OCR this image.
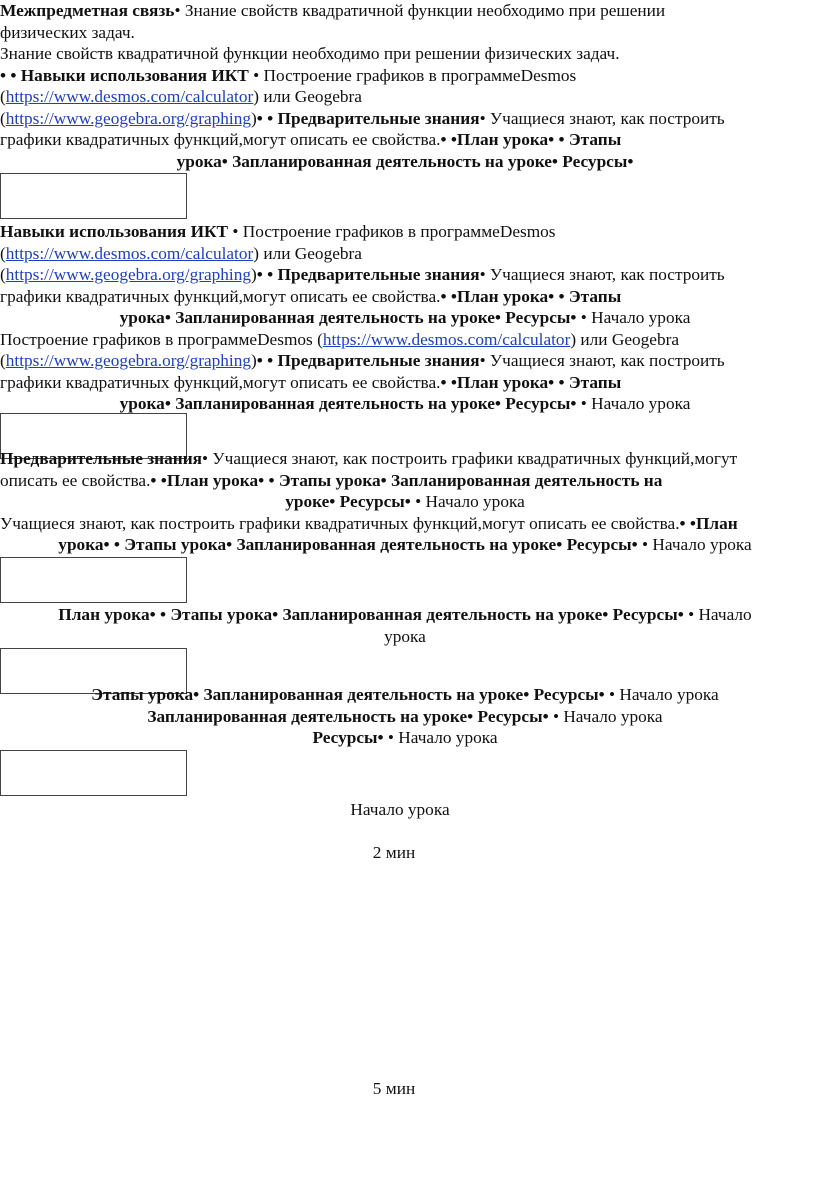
Межпредметная связь• Знание свойств квадратичной функции необходимо при решении
физических задач.
Знание свойств квадратичной функции необходимо при решении физических задач.
• • Навыки использования ИКТ • Построение графиков в программеDesmos
(https://www.desmos.com/calculator) или Geogebra
(https://www.geogebra.org/graphing)• • Предварительные знания• Учащиеся знают, как построить
графики квадратичных функций,могут описать ее свойства.• •План урока• • Этапы
урока• Запланированная деятельность на уроке• Ресурсы•
Навыки использования ИКТ • Построение графиков в программеDesmos
(https://www.desmos.com/calculator) или Geogebra
(https://www.geogebra.org/graphing)• • Предварительные знания• Учащиеся знают, как построить
графики квадратичных функций,могут описать ее свойства.• •План урока• • Этапы
урока• Запланированная деятельность на уроке• Ресурсы• • Начало урока
Построение графиков в программеDesmos (https://www.desmos.com/calculator) или Geogebra
(https://www.geogebra.org/graphing)• • Предварительные знания• Учащиеся знают, как построить
графики квадратичных функций,могут описать ее свойства.• •План урока• • Этапы
урока• Запланированная деятельность на уроке• Ресурсы• • Начало урока
Предварительные знания• Учащиеся знают, как построить графики квадратичных функций,могут
описать ее свойства.• •План урока• • Этапы урока• Запланированная деятельность на
уроке• Ресурсы• • Начало урока
Учащиеся знают, как построить графики квадратичных функций,могут описать ее свойства.• •План
урока• • Этапы урока• Запланированная деятельность на уроке• Ресурсы• • Начало урока
План урока• • Этапы урока• Запланированная деятельность на уроке• Ресурсы• • Начало
урока
Этапы урока• Запланированная деятельность на уроке• Ресурсы• • Начало урока
Запланированная деятельность на уроке• Ресурсы• • Начало урока
Ресурсы• • Начало урока
Начало урока
2 мин
5 мин
